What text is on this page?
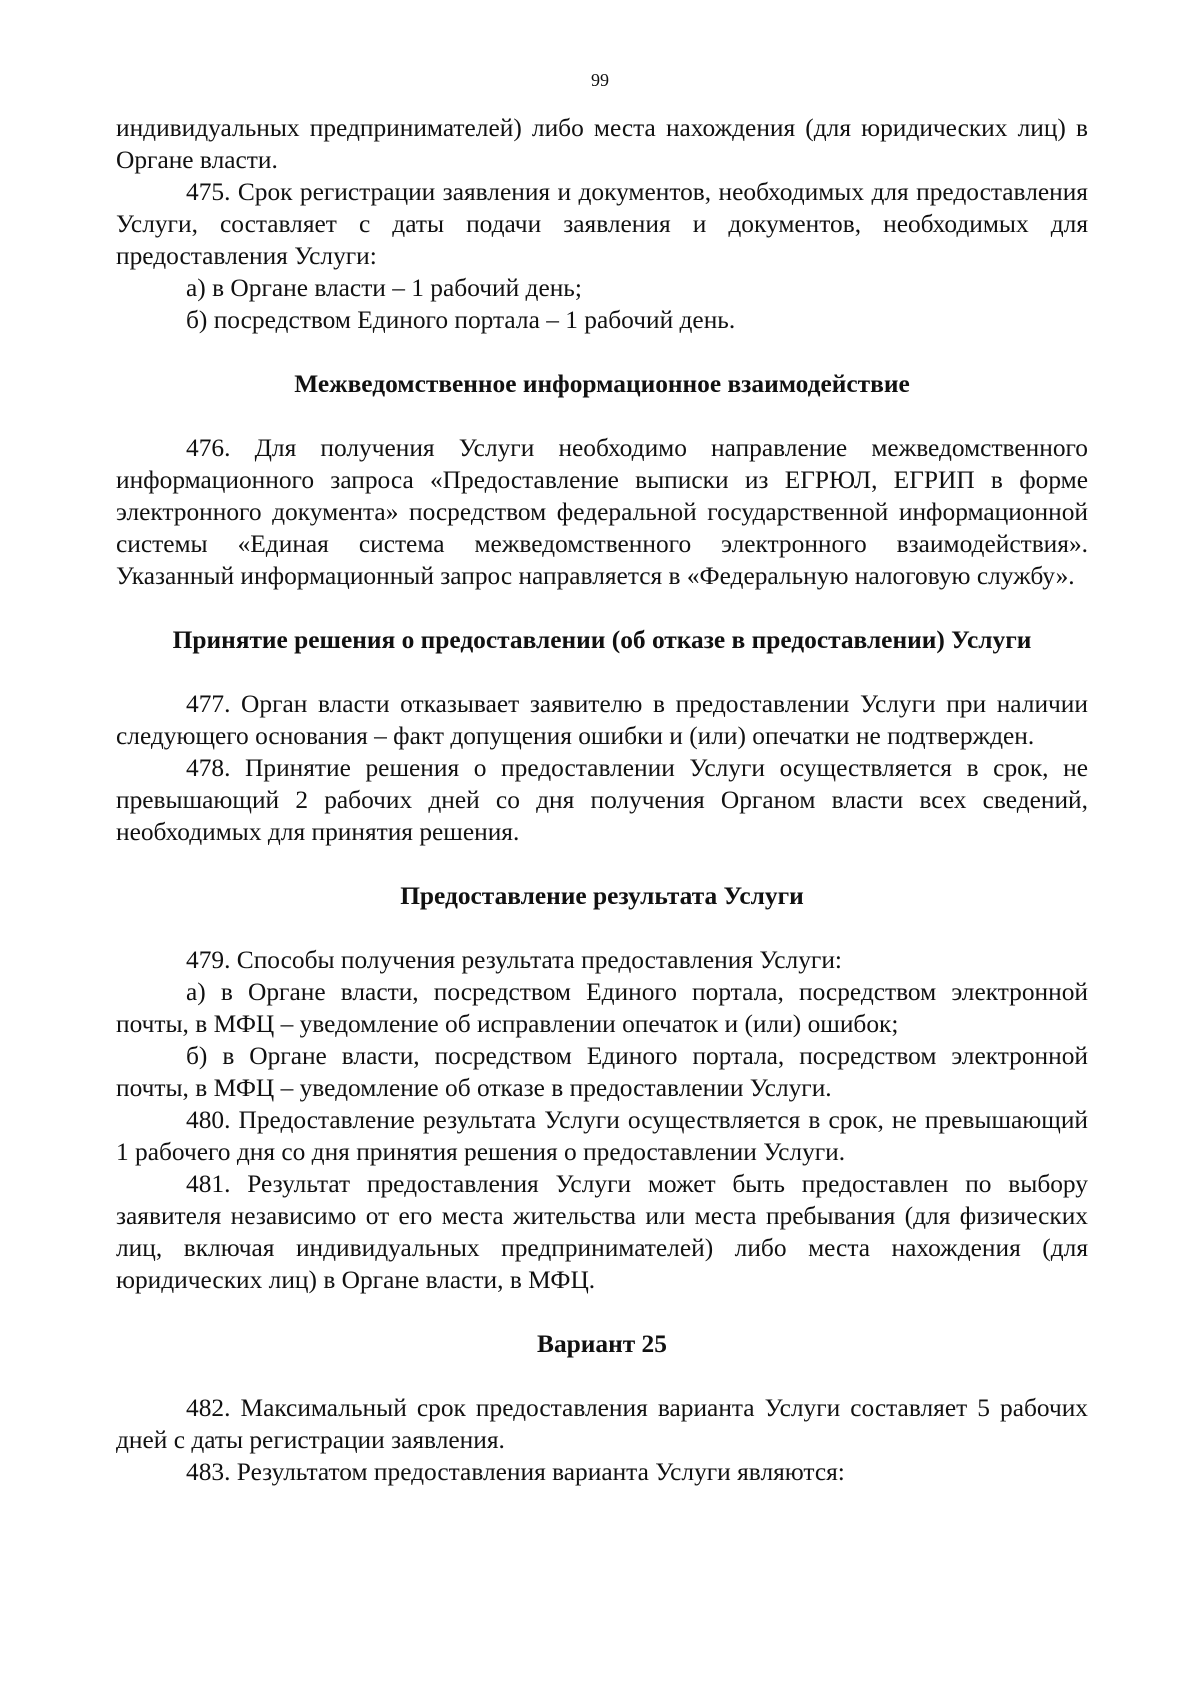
99

индивидуальных предпринимателей) либо места нахождения (для юридических лиц) в Органе власти.

475. Срок регистрации заявления и документов, необходимых для предоставления Услуги, составляет с даты подачи заявления и документов, необходимых для предоставления Услуги:

а) в Органе власти – 1 рабочий день;

б) посредством Единого портала – 1 рабочий день.

Межведомственное информационное взаимодействие

476. Для получения Услуги необходимо направление межведомственного информационного запроса «Предоставление выписки из ЕГРЮЛ, ЕГРИП в форме электронного документа» посредством федеральной государственной информационной системы «Единая система межведомственного электронного взаимодействия». Указанный информационный запрос направляется в «Федеральную налоговую службу».

Принятие решения о предоставлении (об отказе в предоставлении) Услуги

477. Орган власти отказывает заявителю в предоставлении Услуги при наличии следующего основания – факт допущения ошибки и (или) опечатки не подтвержден.

478. Принятие решения о предоставлении Услуги осуществляется в срок, не превышающий 2 рабочих дней со дня получения Органом власти всех сведений, необходимых для принятия решения.

Предоставление результата Услуги

479. Способы получения результата предоставления Услуги:

а) в Органе власти, посредством Единого портала, посредством электронной почты, в МФЦ – уведомление об исправлении опечаток и (или) ошибок;

б) в Органе власти, посредством Единого портала, посредством электронной почты, в МФЦ – уведомление об отказе в предоставлении Услуги.

480. Предоставление результата Услуги осуществляется в срок, не превышающий 1 рабочего дня со дня принятия решения о предоставлении Услуги.

481. Результат предоставления Услуги может быть предоставлен по выбору заявителя независимо от его места жительства или места пребывания (для физических лиц, включая индивидуальных предпринимателей) либо места нахождения (для юридических лиц) в Органе власти, в МФЦ.

Вариант 25

482. Максимальный срок предоставления варианта Услуги составляет 5 рабочих дней с даты регистрации заявления.

483. Результатом предоставления варианта Услуги являются:
